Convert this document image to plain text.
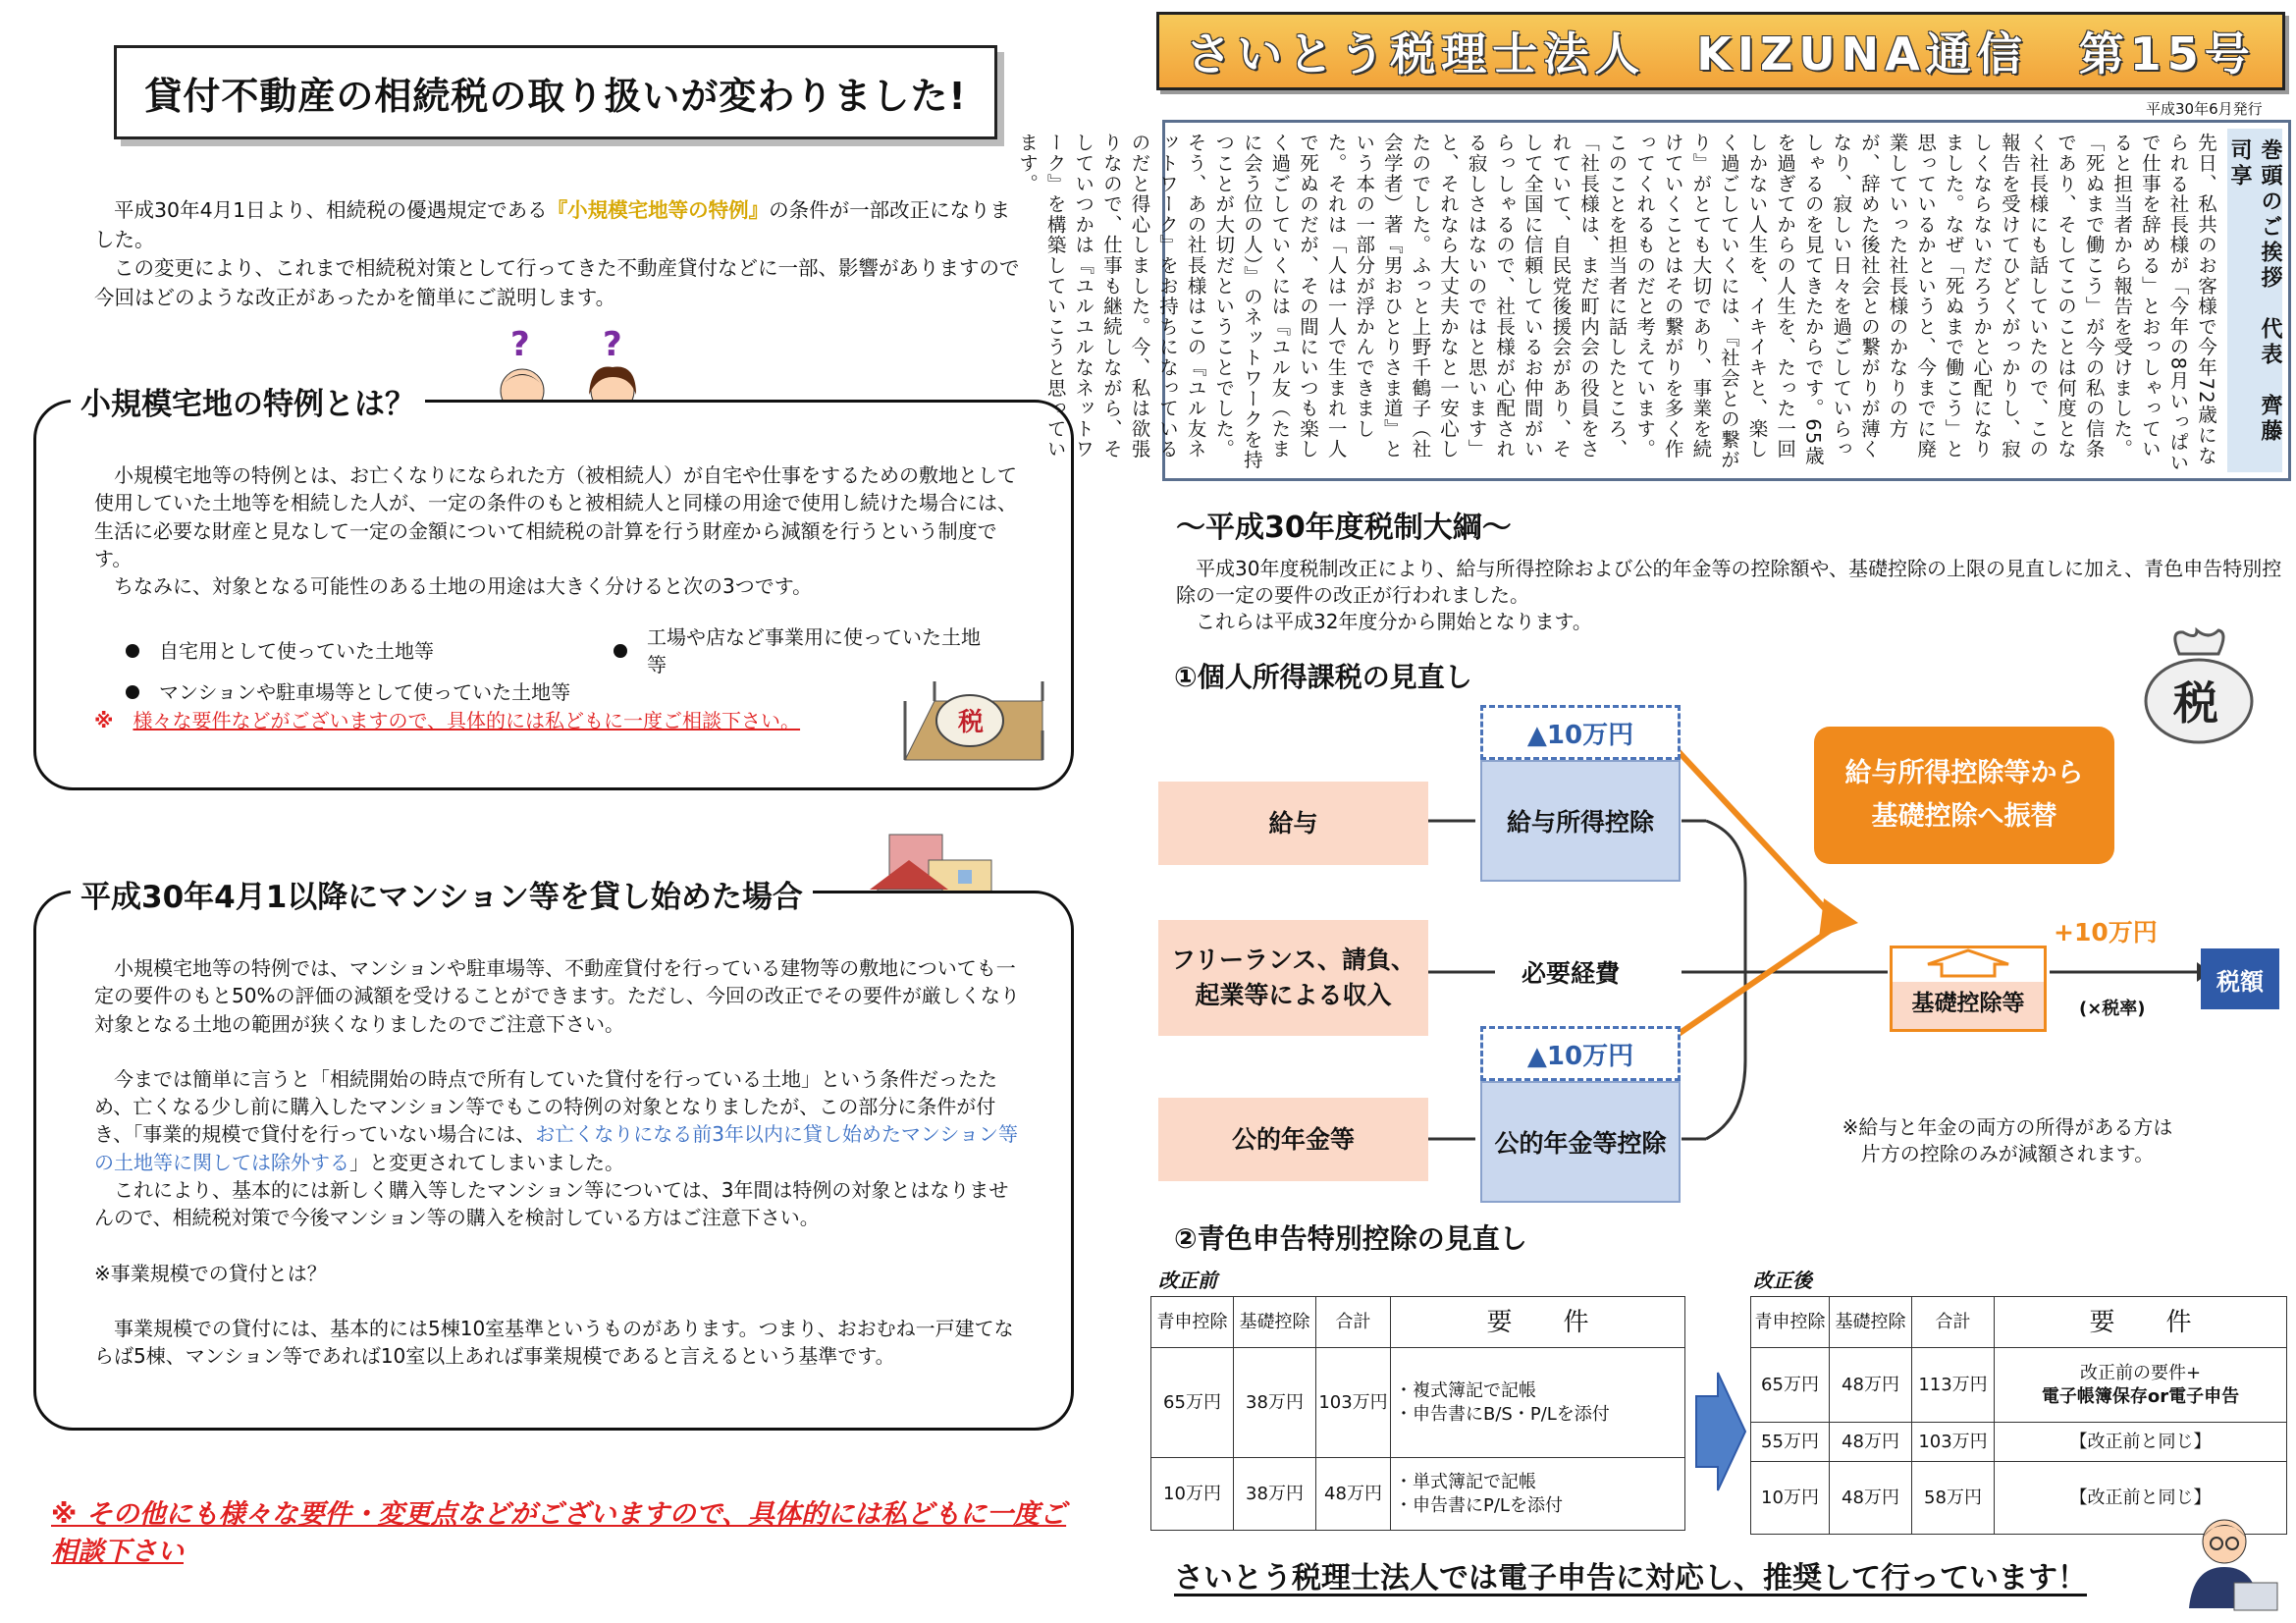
貸付不動産の相続税の取り扱いが変わりました!

平成30年4月1日より、相続税の優遇規定である『小規模宅地等の特例』の条件が一部改正になりました。

この変更により、これまで相続税対策として行ってきた不動産貸付などに一部、影響がありますので今回はどのような改正があったかを簡単にご説明します。

? ?
小規模宅地の特例とは？

小規模宅地等の特例とは、お亡くなりになられた方（被相続人）が自宅や仕事をするための敷地として使用していた土地等を相続した人が、一定の条件のもと被相続人と同様の用途で使用し続けた場合には、生活に必要な財産と見なして一定の金額について相続税の計算を行う財産から減額を行うという制度です。

ちなみに、対象となる可能性のある土地の用途は大きく分けると次の3つです。

自宅用として使っていた土地等
工場や店など事業用に使っていた土地等
マンションや駐車場等として使っていた土地等
※　 様々な要件などがございますので、具体的には私どもに一度ご相談下さい。	税
平成30年4月1以降にマンション等を貸し始めた場合

小規模宅地等の特例では、マンションや駐車場等、不動産貸付を行っている建物等の敷地についても一定の要件のもと50%の評価の減額を受けることができます。ただし、今回の改正でその要件が厳しくなり対象となる土地の範囲が狭くなりましたのでご注意下さい。

今までは簡単に言うと「相続開始の時点で所有していた貸付を行っている土地」という条件だったため、亡くなる少し前に購入したマンション等でもこの特例の対象となりましたが、この部分に条件が付き、「事業的規模で貸付を行っていない場合には、お亡くなりになる前3年以内に貸し始めたマンション等の土地等に関しては除外する」と変更されてしまいました。

これにより、基本的には新しく購入等したマンション等については、3年間は特例の対象とはなりませんので、相続税対策で今後マンション等の購入を検討している方はご注意下さい。

※事業規模での貸付とは？

事業規模での貸付には、基本的には5棟10室基準というものがあります。つまり、おおむね一戸建てならば5棟、マンション等であれば10室以上あれば事業規模であると言えるという基準です。

※ その他にも様々な要件・変更点などがございますので、具体的には私どもに一度ご相談下さい
さいとう税理士法人　KIZUNA通信　第15号
平成30年6月発行
巻頭のご挨拶　代表　齊藤　司享
先日、私共のお客様で今年72歳になられる社長様が「今年の8月いっぱいで仕事を辞める」とおっしゃっていると担当者から報告を受けました。「死ぬまで働こう」が今の私の信条であり、そしてこのことは何度となく社長様にも話していたので、この報告を受けてひどくがっかりし、寂しくならないだろうかと心配になりました。なぜ「死ぬまで働こう」と思っているかというと、今までに廃業していった社長様のかなりの方が、辞めた後社会との繋がりが薄くなり、寂しい日々を過ごしていらっしゃるのを見てきたからです。65歳を過ぎてからの人生を、たった一回しかない人生を、イキイキと、楽しく過ごしていくには、『社会との繋がり』がとても大切であり、事業を続けていくことはその繋がりを多く作ってくれるものだと考えています。このことを担当者に話したところ、「社長様は、まだ町内会の役員をされていて、自民党後援会があり、そして全国に信頼しているお仲間がいらっしゃるので、社長様が心配される寂しさはないのではと思います」と、それなら大丈夫かなと一安心したのでした。ふっと上野千鶴子（社会学者）著『男おひとりさま道』という本の一部分が浮かんできました。それは「人は一人で生まれ一人で死ぬのだが、その間にいつも楽しく過ごしていくには『ユル友（たまに会う位の人）』のネットワークを持つことが大切だということでした。そう、あの社長様はこの『ユル友ネットワーク』をお持ちになっているのだと得心しました。今、私は欲張りなので、仕事も継続しながら、そしていつかは『ユルユルなネットワーク』を構築していこうと思っています。
～平成30年度税制大綱～

平成30年度税制改正により、給与所得控除および公的年金等の控除額や、基礎控除の上限の見直しに加え、青色申告特別控除の一定の要件の改正が行われました。

これらは平成32年度分から開始となります。

①個人所得課税の見直し	税
給与
フリーランス、請負、
起業等による収入
公的年金等
▲10万円
給与所得控除
必要経費
▲10万円
公的年金等控除
給与所得控除等から
基礎控除へ振替
基礎控除等
+10万円
(×税率)
税額

※給与と年金の両方の所得がある方は

片方の控除のみが減額されます。

②青色申告特別控除の見直し
改正前	改正後
青申控除	基礎控除	合計	要　　件
65万円	38万円	103万円	・複式簿記で記帳
・申告書にB/S・P/Lを添付

10万円	38万円	48万円	・単式簿記で記帳
・申告書にP/Lを添付
青申控除	基礎控除	合計	要　　件
65万円	48万円	113万円	改正前の要件+
電子帳簿保存or電子申告

55万円	48万円	103万円	【改正前と同じ】
10万円	48万円	58万円	【改正前と同じ】
さいとう税理士法人では電子申告に対応し、推奨して行っています！
